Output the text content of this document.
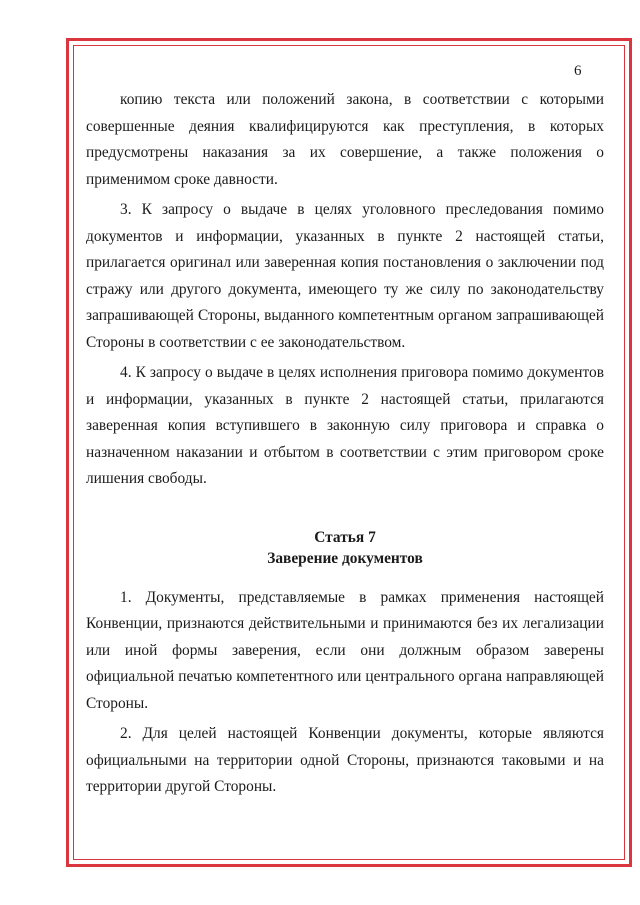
6

копию текста или положений закона, в соответствии с которыми совершенные деяния квалифицируются как преступления, в которых предусмотрены наказания за их совершение, а также положения о применимом сроке давности.

3. К запросу о выдаче в целях уголовного преследования помимо документов и информации, указанных в пункте 2 настоящей статьи, прилагается оригинал или заверенная копия постановления о заключении под стражу или другого документа, имеющего ту же силу по законодательству запрашивающей Стороны, выданного компетентным органом запрашивающей Стороны в соответствии с ее законодательством.

4. К запросу о выдаче в целях исполнения приговора помимо документов и информации, указанных в пункте 2 настоящей статьи, прилагаются заверенная копия вступившего в законную силу приговора и справка о назначенном наказании и отбытом в соответствии с этим приговором сроке лишения свободы.

Статья 7
Заверение документов

1. Документы, представляемые в рамках применения настоящей Конвенции, признаются действительными и принимаются без их легализации или иной формы заверения, если они должным образом заверены официальной печатью компетентного или центрального органа направляющей Стороны.

2. Для целей настоящей Конвенции документы, которые являются официальными на территории одной Стороны, признаются таковыми и на территории другой Стороны.
